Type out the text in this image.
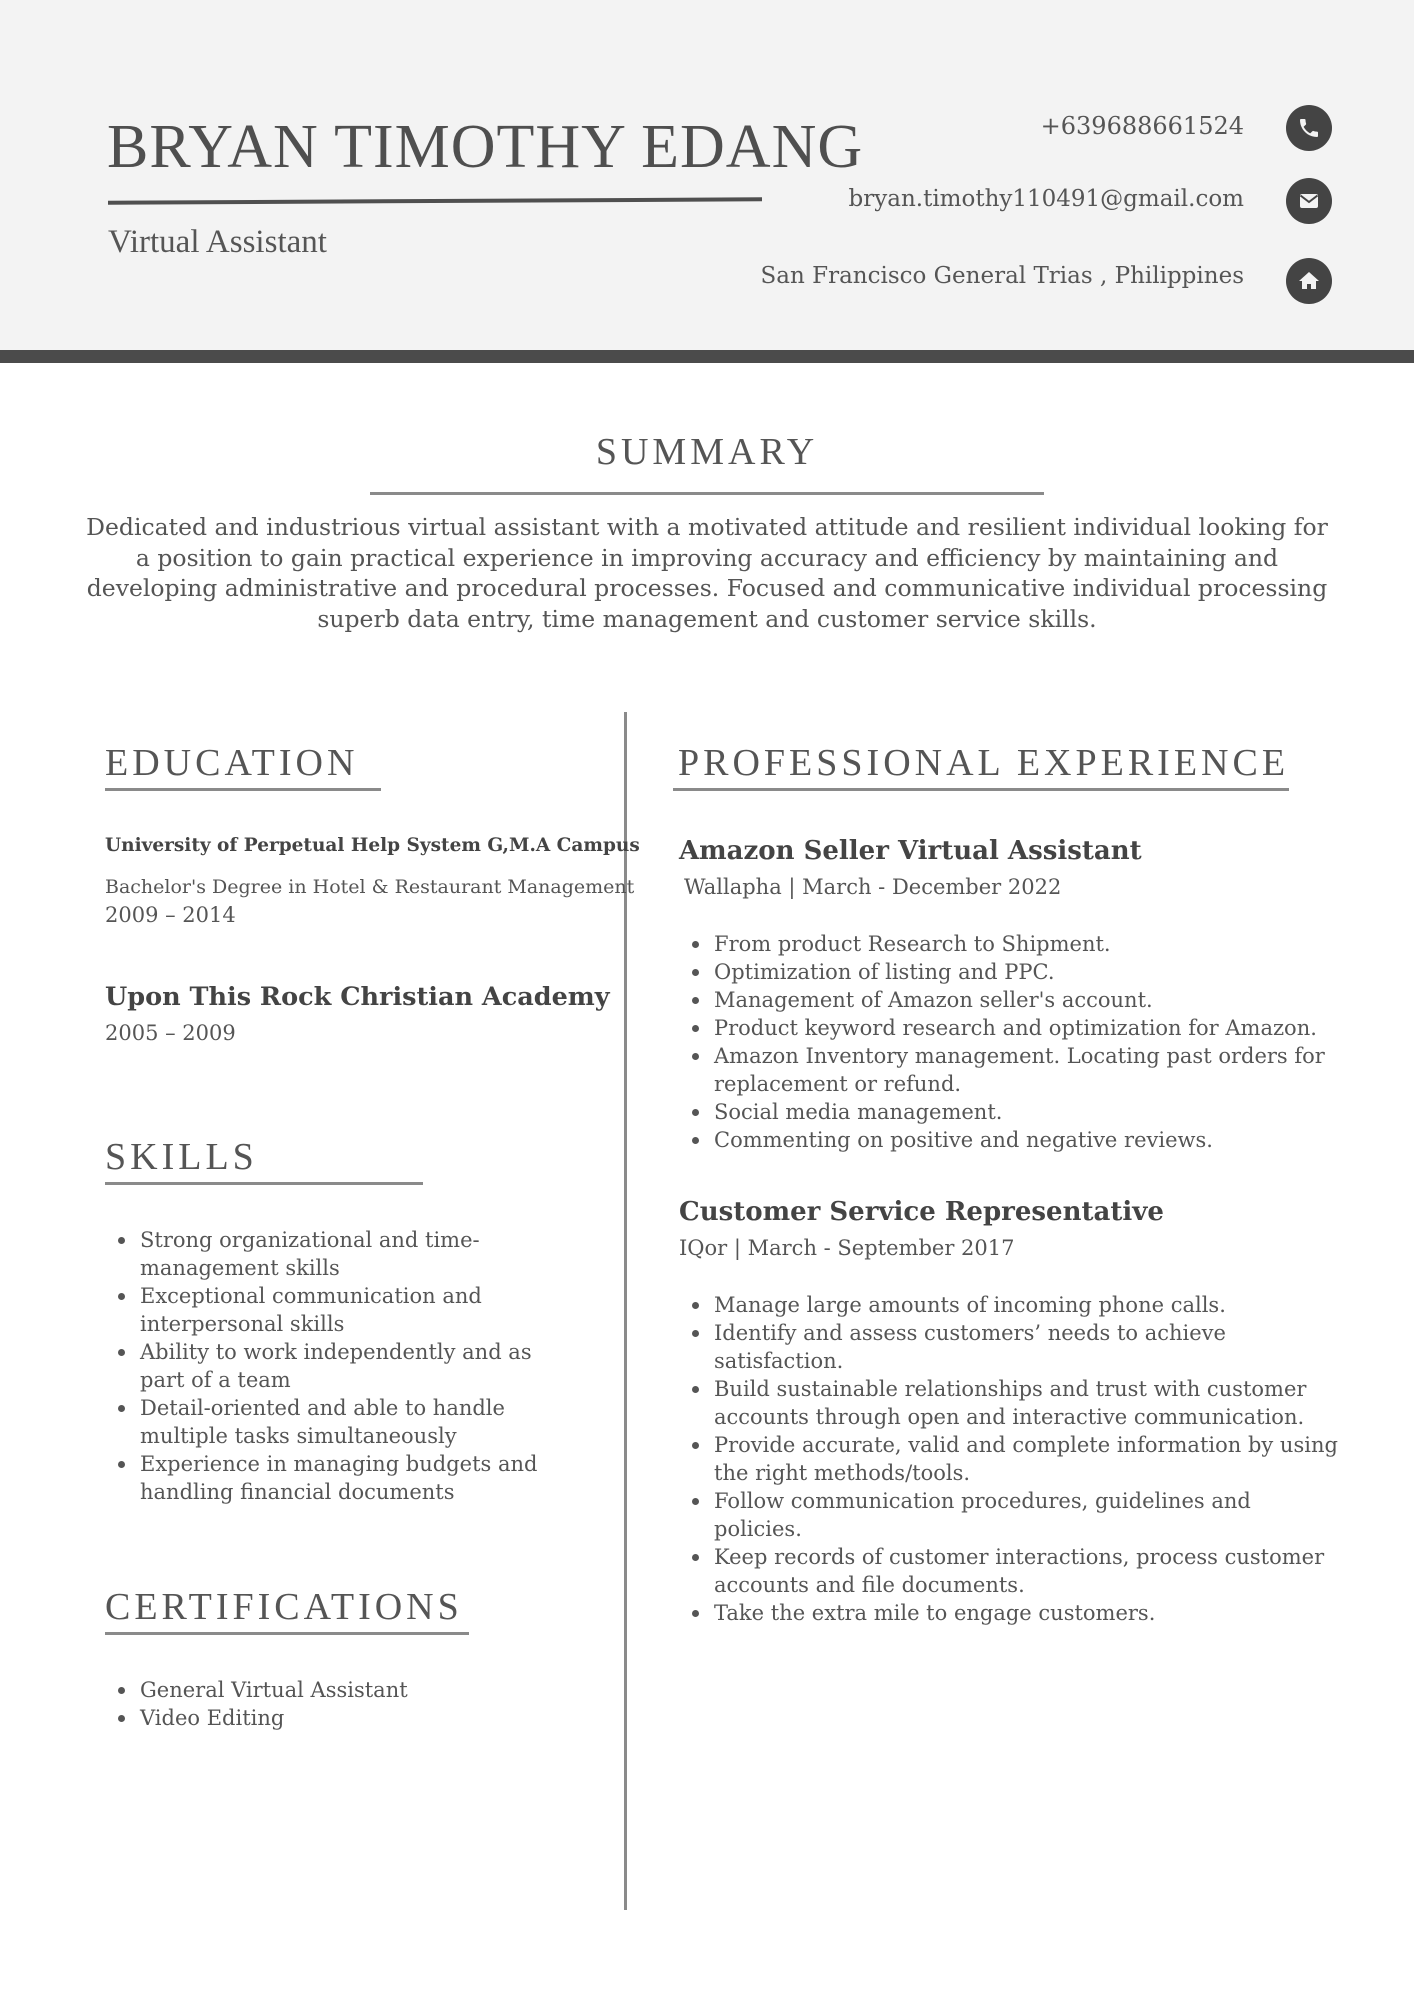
BRYAN TIMOTHY EDANG
Virtual Assistant
+639688661524
bryan.timothy110491@gmail.com
San Francisco General Trias , Philippines
SUMMARY
Dedicated and industrious virtual assistant with a motivated attitude and resilient individual looking for a position to gain practical experience in improving accuracy and efficiency by maintaining and developing administrative and procedural processes. Focused and communicative individual processing superb data entry, time management and customer service skills.
EDUCATION
University of Perpetual Help System G,M.A Campus
Bachelor's Degree in Hotel & Restaurant Management
2009 – 2014
Upon This Rock Christian Academy
2005 – 2009
SKILLS
Strong organizational and time-management skills
Exceptional communication and interpersonal skills
Ability to work independently and as part of a team
Detail-oriented and able to handle multiple tasks simultaneously
Experience in managing budgets and handling financial documents
CERTIFICATIONS
General Virtual Assistant
Video Editing
PROFESSIONAL EXPERIENCE
Amazon Seller Virtual Assistant
Wallapha | March - December 2022
From product Research to Shipment.
Optimization of listing and PPC.
Management of Amazon seller's account.
Product keyword research and optimization for Amazon.
Amazon Inventory management. Locating past orders for replacement or refund.
Social media management.
Commenting on positive and negative reviews.
Customer Service Representative
IQor | March - September 2017
Manage large amounts of incoming phone calls.
Identify and assess customers’ needs to achieve satisfaction.
Build sustainable relationships and trust with customer accounts through open and interactive communication.
Provide accurate, valid and complete information by using the right methods/tools.
Follow communication procedures, guidelines and policies.
Keep records of customer interactions, process customer accounts and file documents.
Take the extra mile to engage customers.
